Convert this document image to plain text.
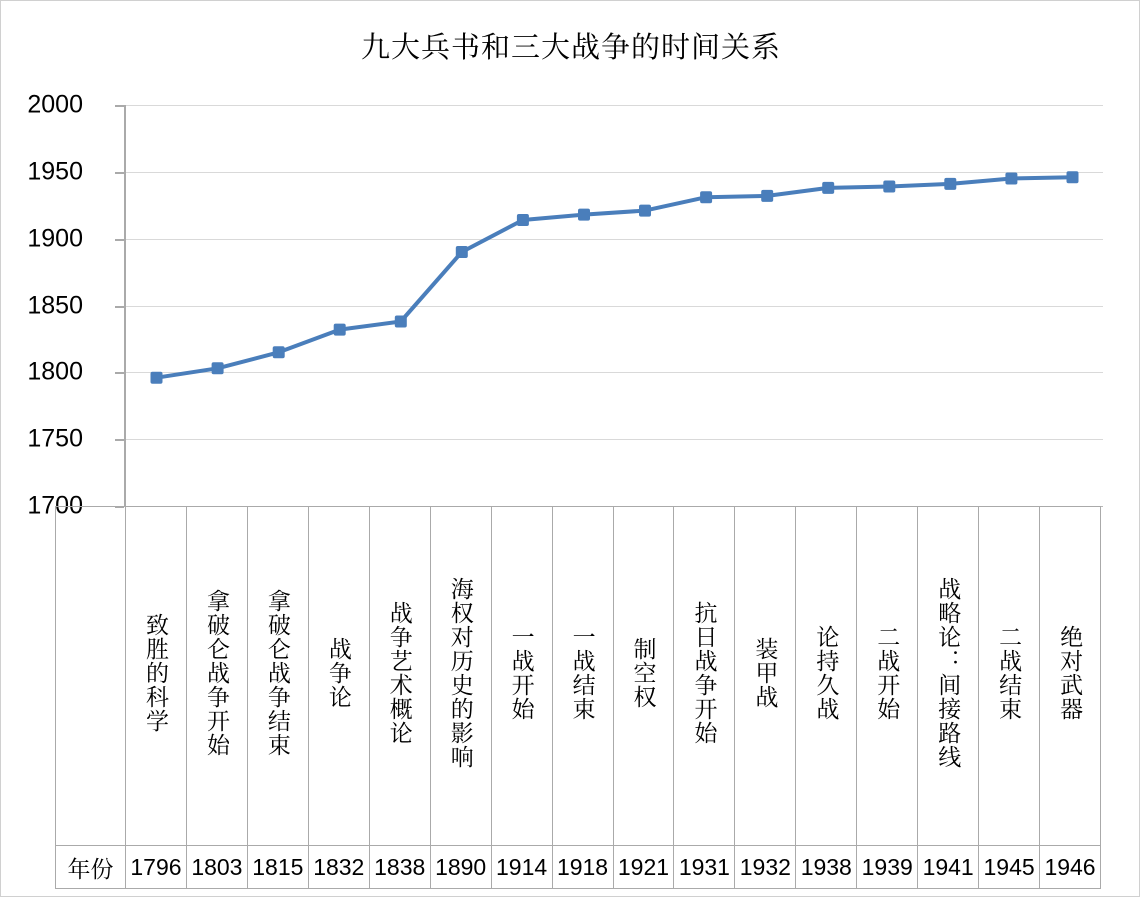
九大兵书和三大战争的时间关系
2000
1950
1900
1850
1800
1750
1700
	致胜的科学	拿破仑战争开始	拿破仑战争结束	战争论	战争艺术概论	海权对历史的影响	一战开始	一战结束	制空权	抗日战争开始	装甲战	论持久战	二战开始	战略论：间接路线	二战结束	绝对武器
年份	1796	1803	1815	1832	1838	1890	1914	1918	1921	1931	1932	1938	1939	1941	1945	1946
